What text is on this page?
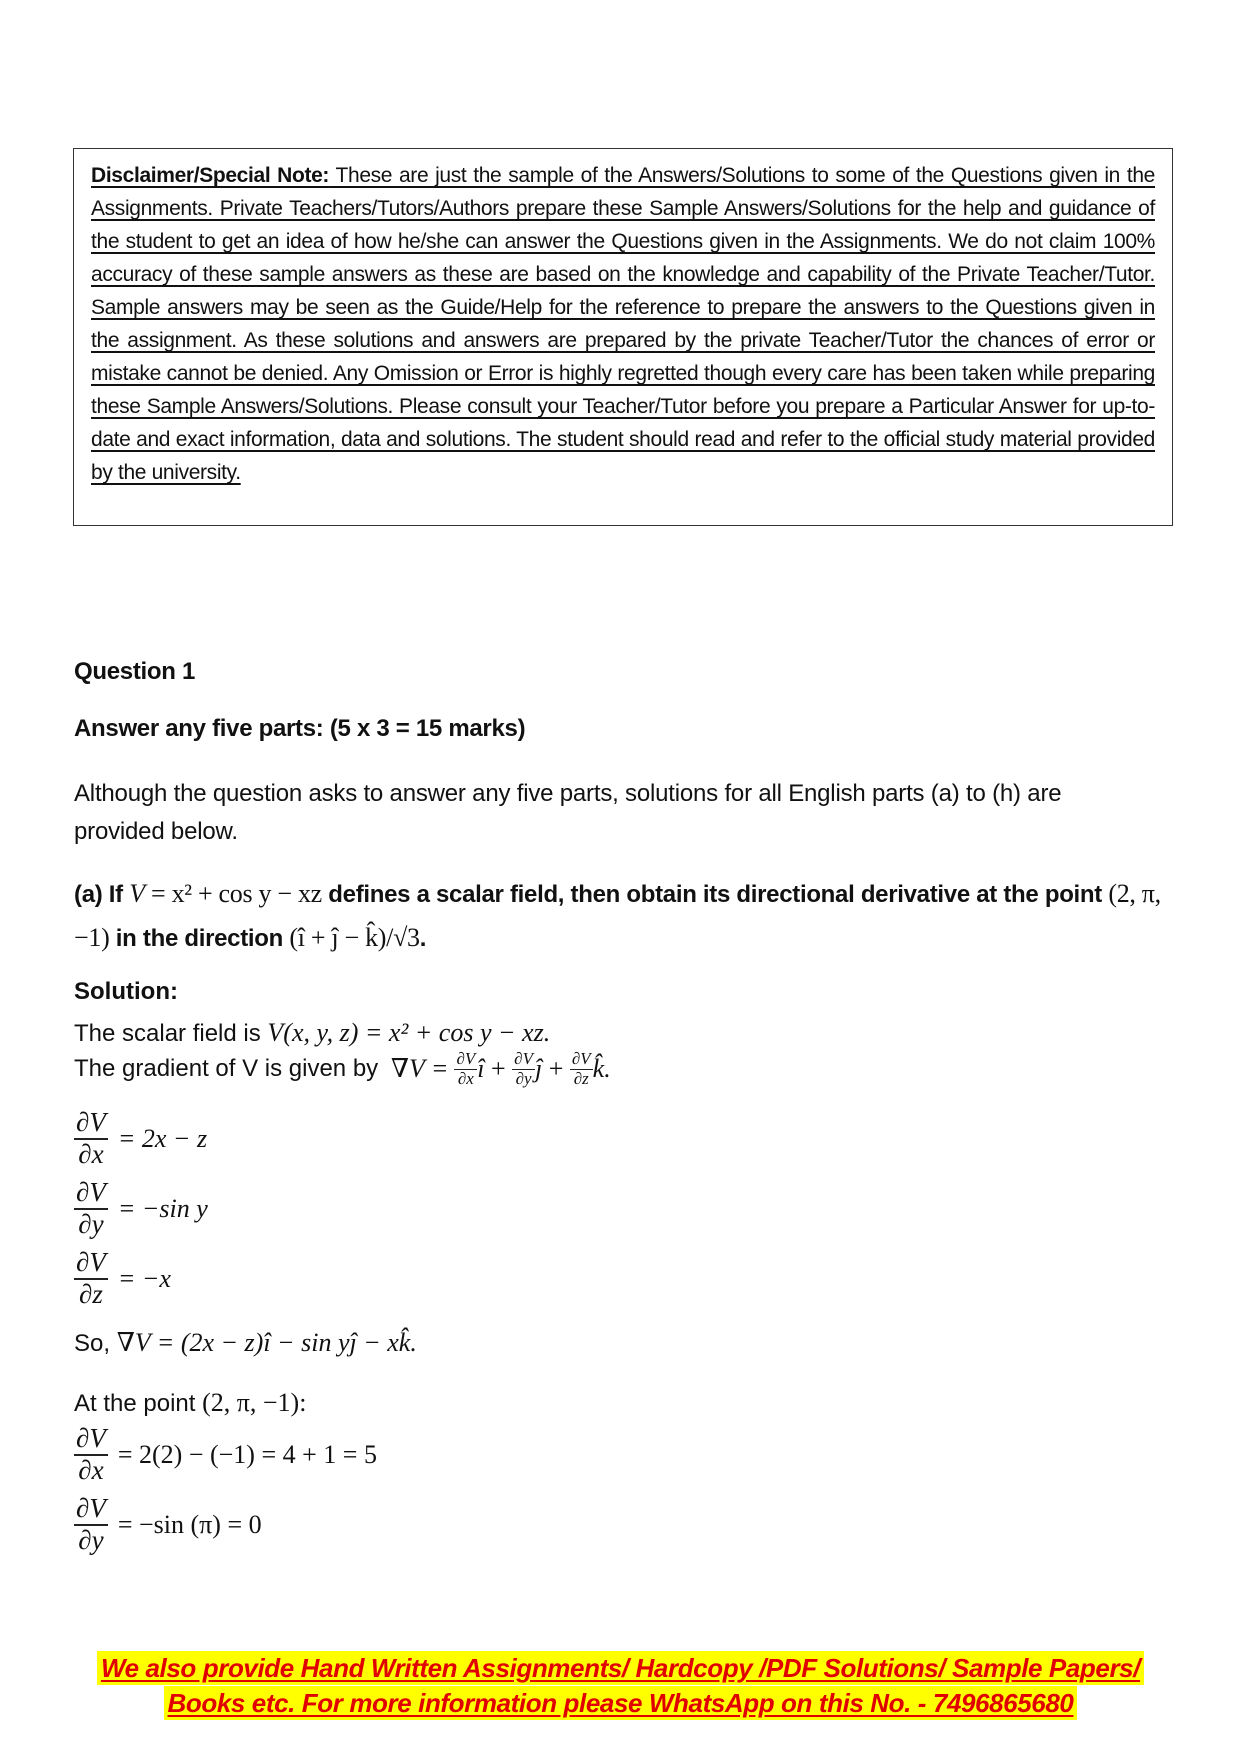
Disclaimer/Special Note: These are just the sample of the Answers/Solutions to some of the Questions given in the Assignments. Private Teachers/Tutors/Authors prepare these Sample Answers/Solutions for the help and guidance of the student to get an idea of how he/she can answer the Questions given in the Assignments. We do not claim 100% accuracy of these sample answers as these are based on the knowledge and capability of the Private Teacher/Tutor. Sample answers may be seen as the Guide/Help for the reference to prepare the answers to the Questions given in the assignment. As these solutions and answers are prepared by the private Teacher/Tutor the chances of error or mistake cannot be denied. Any Omission or Error is highly regretted though every care has been taken while preparing these Sample Answers/Solutions. Please consult your Teacher/Tutor before you prepare a Particular Answer for up-to-date and exact information, data and solutions. The student should read and refer to the official study material provided by the university.
Question 1
Answer any five parts: (5 x 3 = 15 marks)
Although the question asks to answer any five parts, solutions for all English parts (a) to (h) are provided below.
(a) If V = x² + cos y − xz defines a scalar field, then obtain its directional derivative at the point (2, π, −1) in the direction (î + ĵ − k̂)/√3.
Solution:
The scalar field is V(x, y, z) = x² + cos y − xz.
The gradient of V is given by $\nabla V = \frac{\partial V}{\partial x}$ î + $\frac{\partial V}{\partial y}$ ĵ + $\frac{\partial V}{\partial z}$ k̂.
$\frac{\partial V}{\partial x} = 2x - z$
$\frac{\partial V}{\partial y} = -\sin$ y
$\frac{\partial V}{\partial z} = -x$
So, ∇V = (2x − z)î − sin yĵ − xk̂.
At the point (2, π, −1):
$\frac{\partial V}{\partial x} = 2(2) - (-1) = 4 + 1 = 5$
$\frac{\partial V}{\partial y} = -\sin$ (π) = 0
We also provide Hand Written Assignments/ Hardcopy /PDF Solutions/ Sample Papers/
Books etc. For more information please WhatsApp on this No. - 7496865680
